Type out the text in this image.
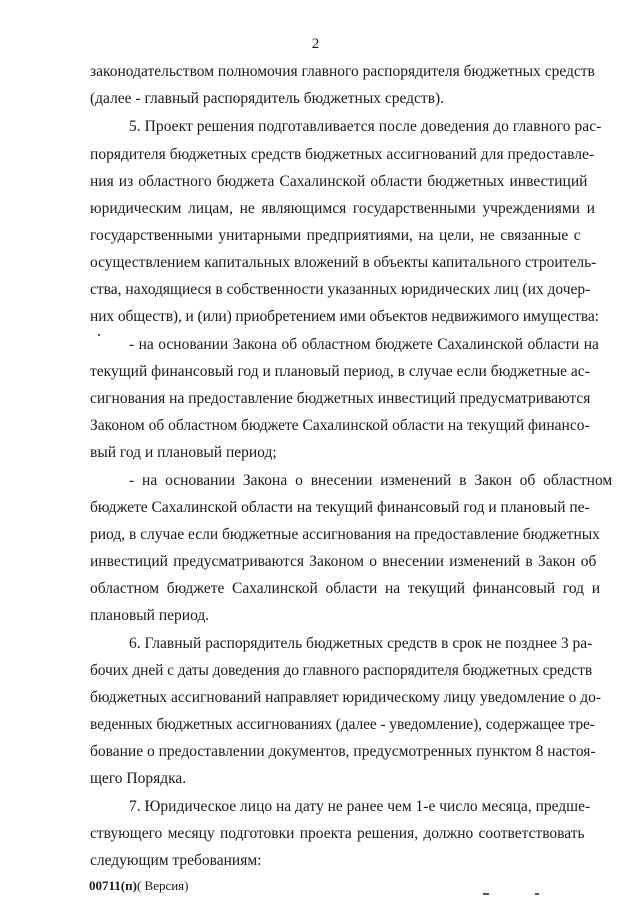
2
законодательством полномочия главного распорядителя бюджетных средств
(далее - главный распорядитель бюджетных средств).
5. Проект решения подготавливается после доведения до главного рас-
порядителя бюджетных средств бюджетных ассигнований для предоставле-
ния из областного бюджета Сахалинской области бюджетных инвестиций
юридическим лицам, не являющимся государственными учреждениями и
государственными унитарными предприятиями, на цели, не связанные с
осуществлением капитальных вложений в объекты капитального строитель-
ства, находящиеся в собственности указанных юридических лиц (их дочер-
них обществ), и (или) приобретением ими объектов недвижимого имущества:
- на основании Закона об областном бюджете Сахалинской области на
текущий финансовый год и плановый период, в случае если бюджетные ас-
сигнования на предоставление бюджетных инвестиций предусматриваются
Законом об областном бюджете Сахалинской области на текущий финансо-
вый год и плановый период;
- на основании Закона о внесении изменений в Закон об областном
бюджете Сахалинской области на текущий финансовый год и плановый пе-
риод, в случае если бюджетные ассигнования на предоставление бюджетных
инвестиций предусматриваются Законом о внесении изменений в Закон об
областном бюджете Сахалинской области на текущий финансовый год и
плановый период.
6. Главный распорядитель бюджетных средств в срок не позднее 3 ра-
бочих дней с даты доведения до главного распорядителя бюджетных средств
бюджетных ассигнований направляет юридическому лицу уведомление о до-
веденных бюджетных ассигнованиях (далее - уведомление), содержащее тре-
бование о предоставлении документов, предусмотренных пунктом 8 настоя-
щего Порядка.
7. Юридическое лицо на дату не ранее чем 1-е число месяца, предше-
ствующего месяцу подготовки проекта решения, должно соответствовать
следующим требованиям:
00711(п)( Версия)
